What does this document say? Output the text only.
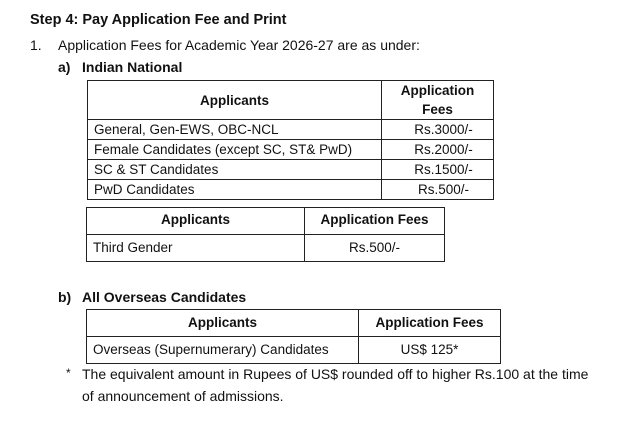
Step 4: Pay Application Fee and Print
1. Application Fees for Academic Year 2026-27 are as under:
a) Indian National
Applicants	Application Fees
General, Gen-EWS, OBC-NCL	Rs.3000/-
Female Candidates (except SC, ST& PwD)	Rs.2000/-
SC & ST Candidates	Rs.1500/-
PwD Candidates	Rs.500/-
Applicants	Application Fees
Third Gender	Rs.500/-
b) All Overseas Candidates
Applicants	Application Fees
Overseas (Supernumerary) Candidates	US$ 125*
* The equivalent amount in Rupees of US$ rounded off to higher Rs.100 at the time
of announcement of admissions.
